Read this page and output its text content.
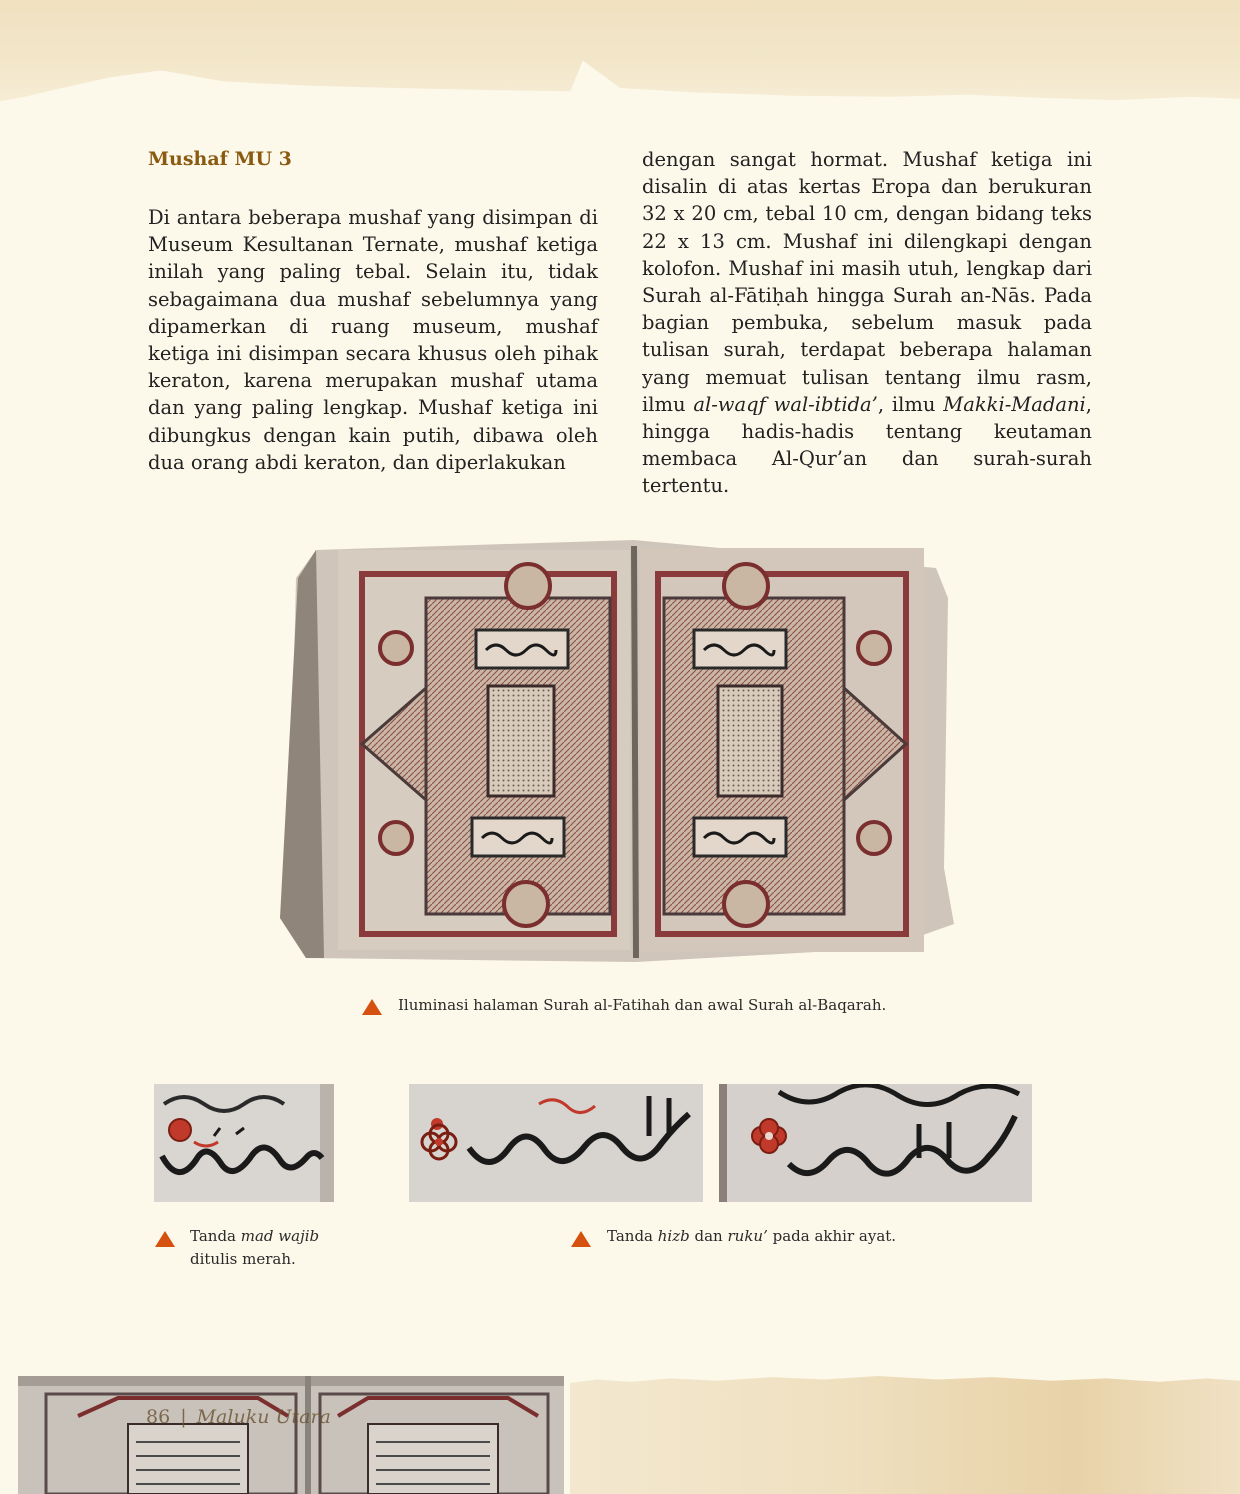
Mushaf MU 3

Di antara beberapa mushaf yang disimpan di Museum Kesultanan Ternate, mushaf ketiga inilah yang paling tebal. Selain itu, tidak sebagaimana dua mushaf sebelumnya yang dipamerkan di ruang museum, mushaf ketiga ini disimpan secara khusus oleh pihak keraton, karena merupakan mushaf utama dan yang paling lengkap. Mushaf ketiga ini dibungkus dengan kain putih, dibawa oleh dua orang abdi keraton, dan diperlakukan

dengan sangat hormat. Mushaf ketiga ini disalin di atas kertas Eropa dan berukuran 32 x 20 cm, tebal 10 cm, dengan bidang teks 22 x 13 cm. Mushaf ini dilengkapi dengan kolofon. Mushaf ini masih utuh, lengkap dari Surah al-Fātiḥah hingga Surah an-Nās. Pada bagian pembuka, sebelum masuk pada tulisan surah, terdapat beberapa halaman yang memuat tulisan tentang ilmu rasm, ilmu al-waqf wal-ibtida’, ilmu Makki-Madani, hingga hadis-hadis tentang keutaman membaca Al-Qur’an dan surah-surah tertentu.

Iluminasi halaman Surah al-Fatihah dan awal Surah al-Baqarah.
Tanda mad wajib
ditulis merah.
Tanda hizb dan ruku’ pada akhir ayat.
86 | Maluku Utara
